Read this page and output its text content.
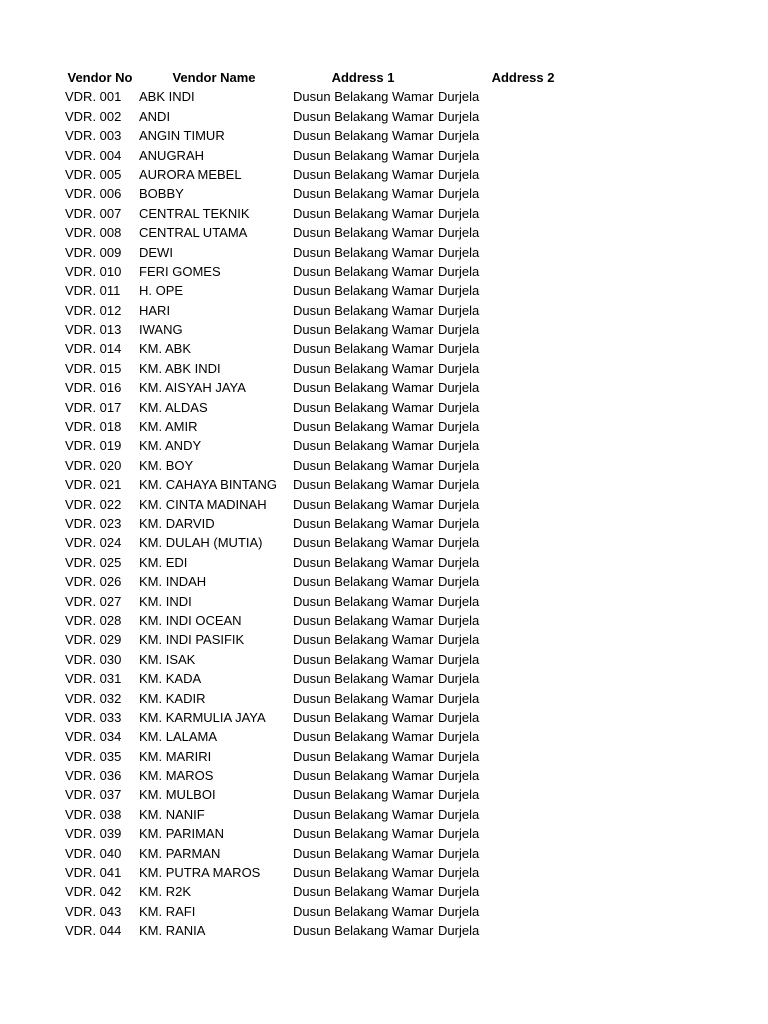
Vendor No	Vendor Name	Address 1	Address 2
VDR. 001 ABK INDI	Dusun Belakang Wamar Durjela
VDR. 002 ANDI	Dusun Belakang Wamar Durjela
VDR. 003 ANGIN TIMUR	Dusun Belakang Wamar Durjela
VDR. 004 ANUGRAH	Dusun Belakang Wamar Durjela
VDR. 005 AURORA MEBEL	Dusun Belakang Wamar Durjela
VDR. 006 BOBBY	Dusun Belakang Wamar Durjela
VDR. 007 CENTRAL TEKNIK	Dusun Belakang Wamar Durjela
VDR. 008 CENTRAL UTAMA	Dusun Belakang Wamar Durjela
VDR. 009 DEWI	Dusun Belakang Wamar Durjela
VDR. 010 FERI GOMES	Dusun Belakang Wamar Durjela
VDR. 011 H. OPE	Dusun Belakang Wamar Durjela
VDR. 012 HARI	Dusun Belakang Wamar Durjela
VDR. 013 IWANG	Dusun Belakang Wamar Durjela
VDR. 014 KM. ABK	Dusun Belakang Wamar Durjela
VDR. 015 KM. ABK INDI	Dusun Belakang Wamar Durjela
VDR. 016 KM. AISYAH JAYA	Dusun Belakang Wamar Durjela
VDR. 017 KM. ALDAS	Dusun Belakang Wamar Durjela
VDR. 018 KM. AMIR	Dusun Belakang Wamar Durjela
VDR. 019 KM. ANDY	Dusun Belakang Wamar Durjela
VDR. 020 KM. BOY	Dusun Belakang Wamar Durjela
VDR. 021 KM. CAHAYA BINTANG Dusun Belakang Wamar Durjela
VDR. 022 KM. CINTA MADINAH Dusun Belakang Wamar Durjela
VDR. 023 KM. DARVID	Dusun Belakang Wamar Durjela
VDR. 024 KM. DULAH (MUTIA) Dusun Belakang Wamar Durjela
VDR. 025 KM. EDI	Dusun Belakang Wamar Durjela
VDR. 026 KM. INDAH	Dusun Belakang Wamar Durjela
VDR. 027 KM. INDI	Dusun Belakang Wamar Durjela
VDR. 028 KM. INDI OCEAN	Dusun Belakang Wamar Durjela
VDR. 029 KM. INDI PASIFIK	Dusun Belakang Wamar Durjela
VDR. 030 KM. ISAK	Dusun Belakang Wamar Durjela
VDR. 031 KM. KADA	Dusun Belakang Wamar Durjela
VDR. 032 KM. KADIR	Dusun Belakang Wamar Durjela
VDR. 033 KM. KARMULIA JAYA Dusun Belakang Wamar Durjela
VDR. 034 KM. LALAMA	Dusun Belakang Wamar Durjela
VDR. 035 KM. MARIRI	Dusun Belakang Wamar Durjela
VDR. 036 KM. MAROS	Dusun Belakang Wamar Durjela
VDR. 037 KM. MULBOI	Dusun Belakang Wamar Durjela
VDR. 038 KM. NANIF	Dusun Belakang Wamar Durjela
VDR. 039 KM. PARIMAN	Dusun Belakang Wamar Durjela
VDR. 040 KM. PARMAN	Dusun Belakang Wamar Durjela
VDR. 041 KM. PUTRA MAROS	Dusun Belakang Wamar Durjela
VDR. 042 KM. R2K	Dusun Belakang Wamar Durjela
VDR. 043 KM. RAFI	Dusun Belakang Wamar Durjela
VDR. 044 KM. RANIA	Dusun Belakang Wamar Durjela
